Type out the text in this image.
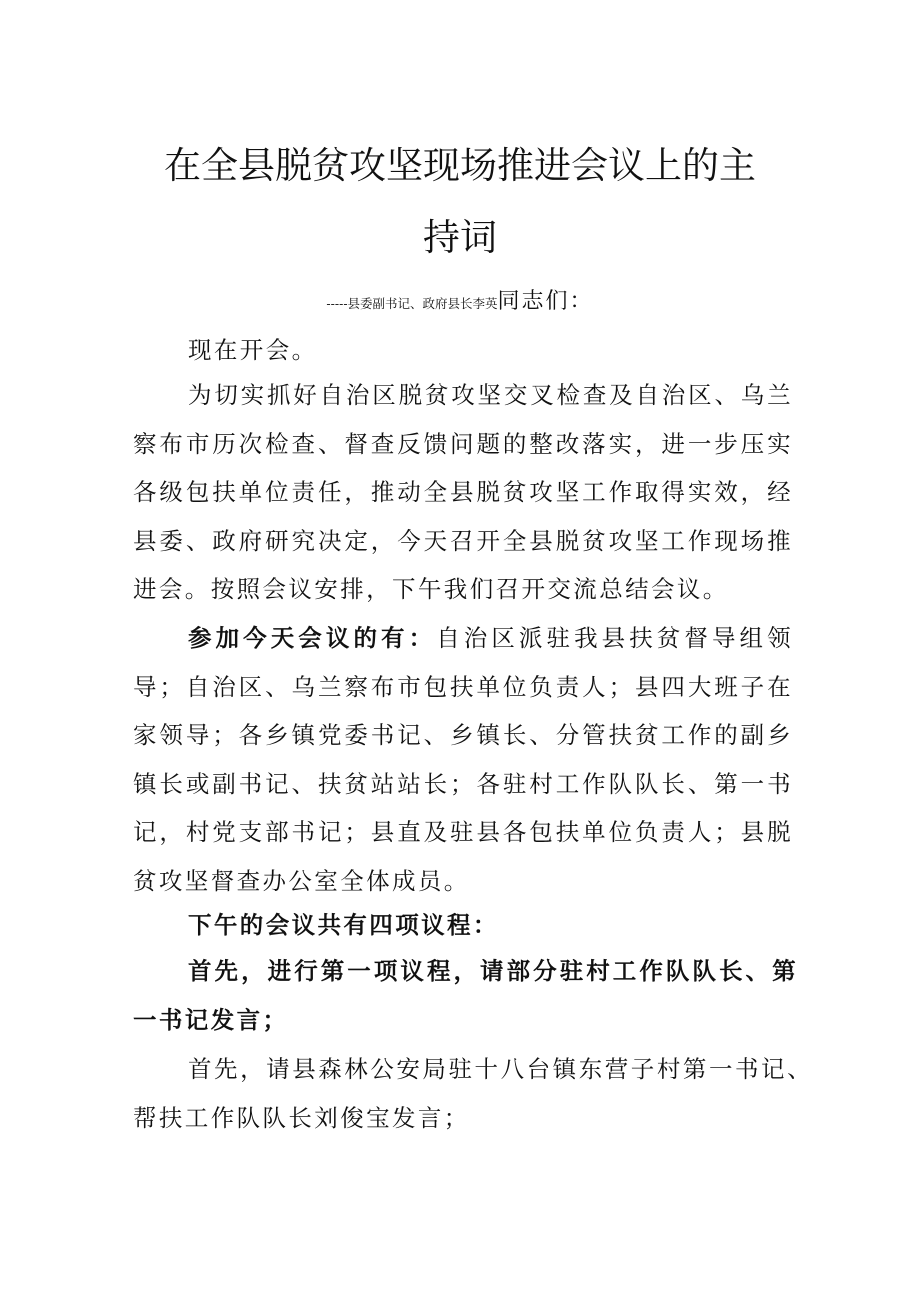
在全县脱贫攻坚现场推进会议上的主
持词
-----县委副书记、政府县长李英同志们：

现在开会。

为切实抓好自治区脱贫攻坚交叉检查及自治区、乌兰察布市历次检查、督查反馈问题的整改落实，进一步压实各级包扶单位责任，推动全县脱贫攻坚工作取得实效，经县委、政府研究决定，今天召开全县脱贫攻坚工作现场推进会。按照会议安排，下午我们召开交流总结会议。

参加今天会议的有：自治区派驻我县扶贫督导组领导；自治区、乌兰察布市包扶单位负责人；县四大班子在家领导；各乡镇党委书记、乡镇长、分管扶贫工作的副乡镇长或副书记、扶贫站站长；各驻村工作队队长、第一书记，村党支部书记；县直及驻县各包扶单位负责人；县脱贫攻坚督查办公室全体成员。

下午的会议共有四项议程：

首先，进行第一项议程，请部分驻村工作队队长、第一书记发言；

首先，请县森林公安局驻十八台镇东营子村第一书记、帮扶工作队队长刘俊宝发言；
